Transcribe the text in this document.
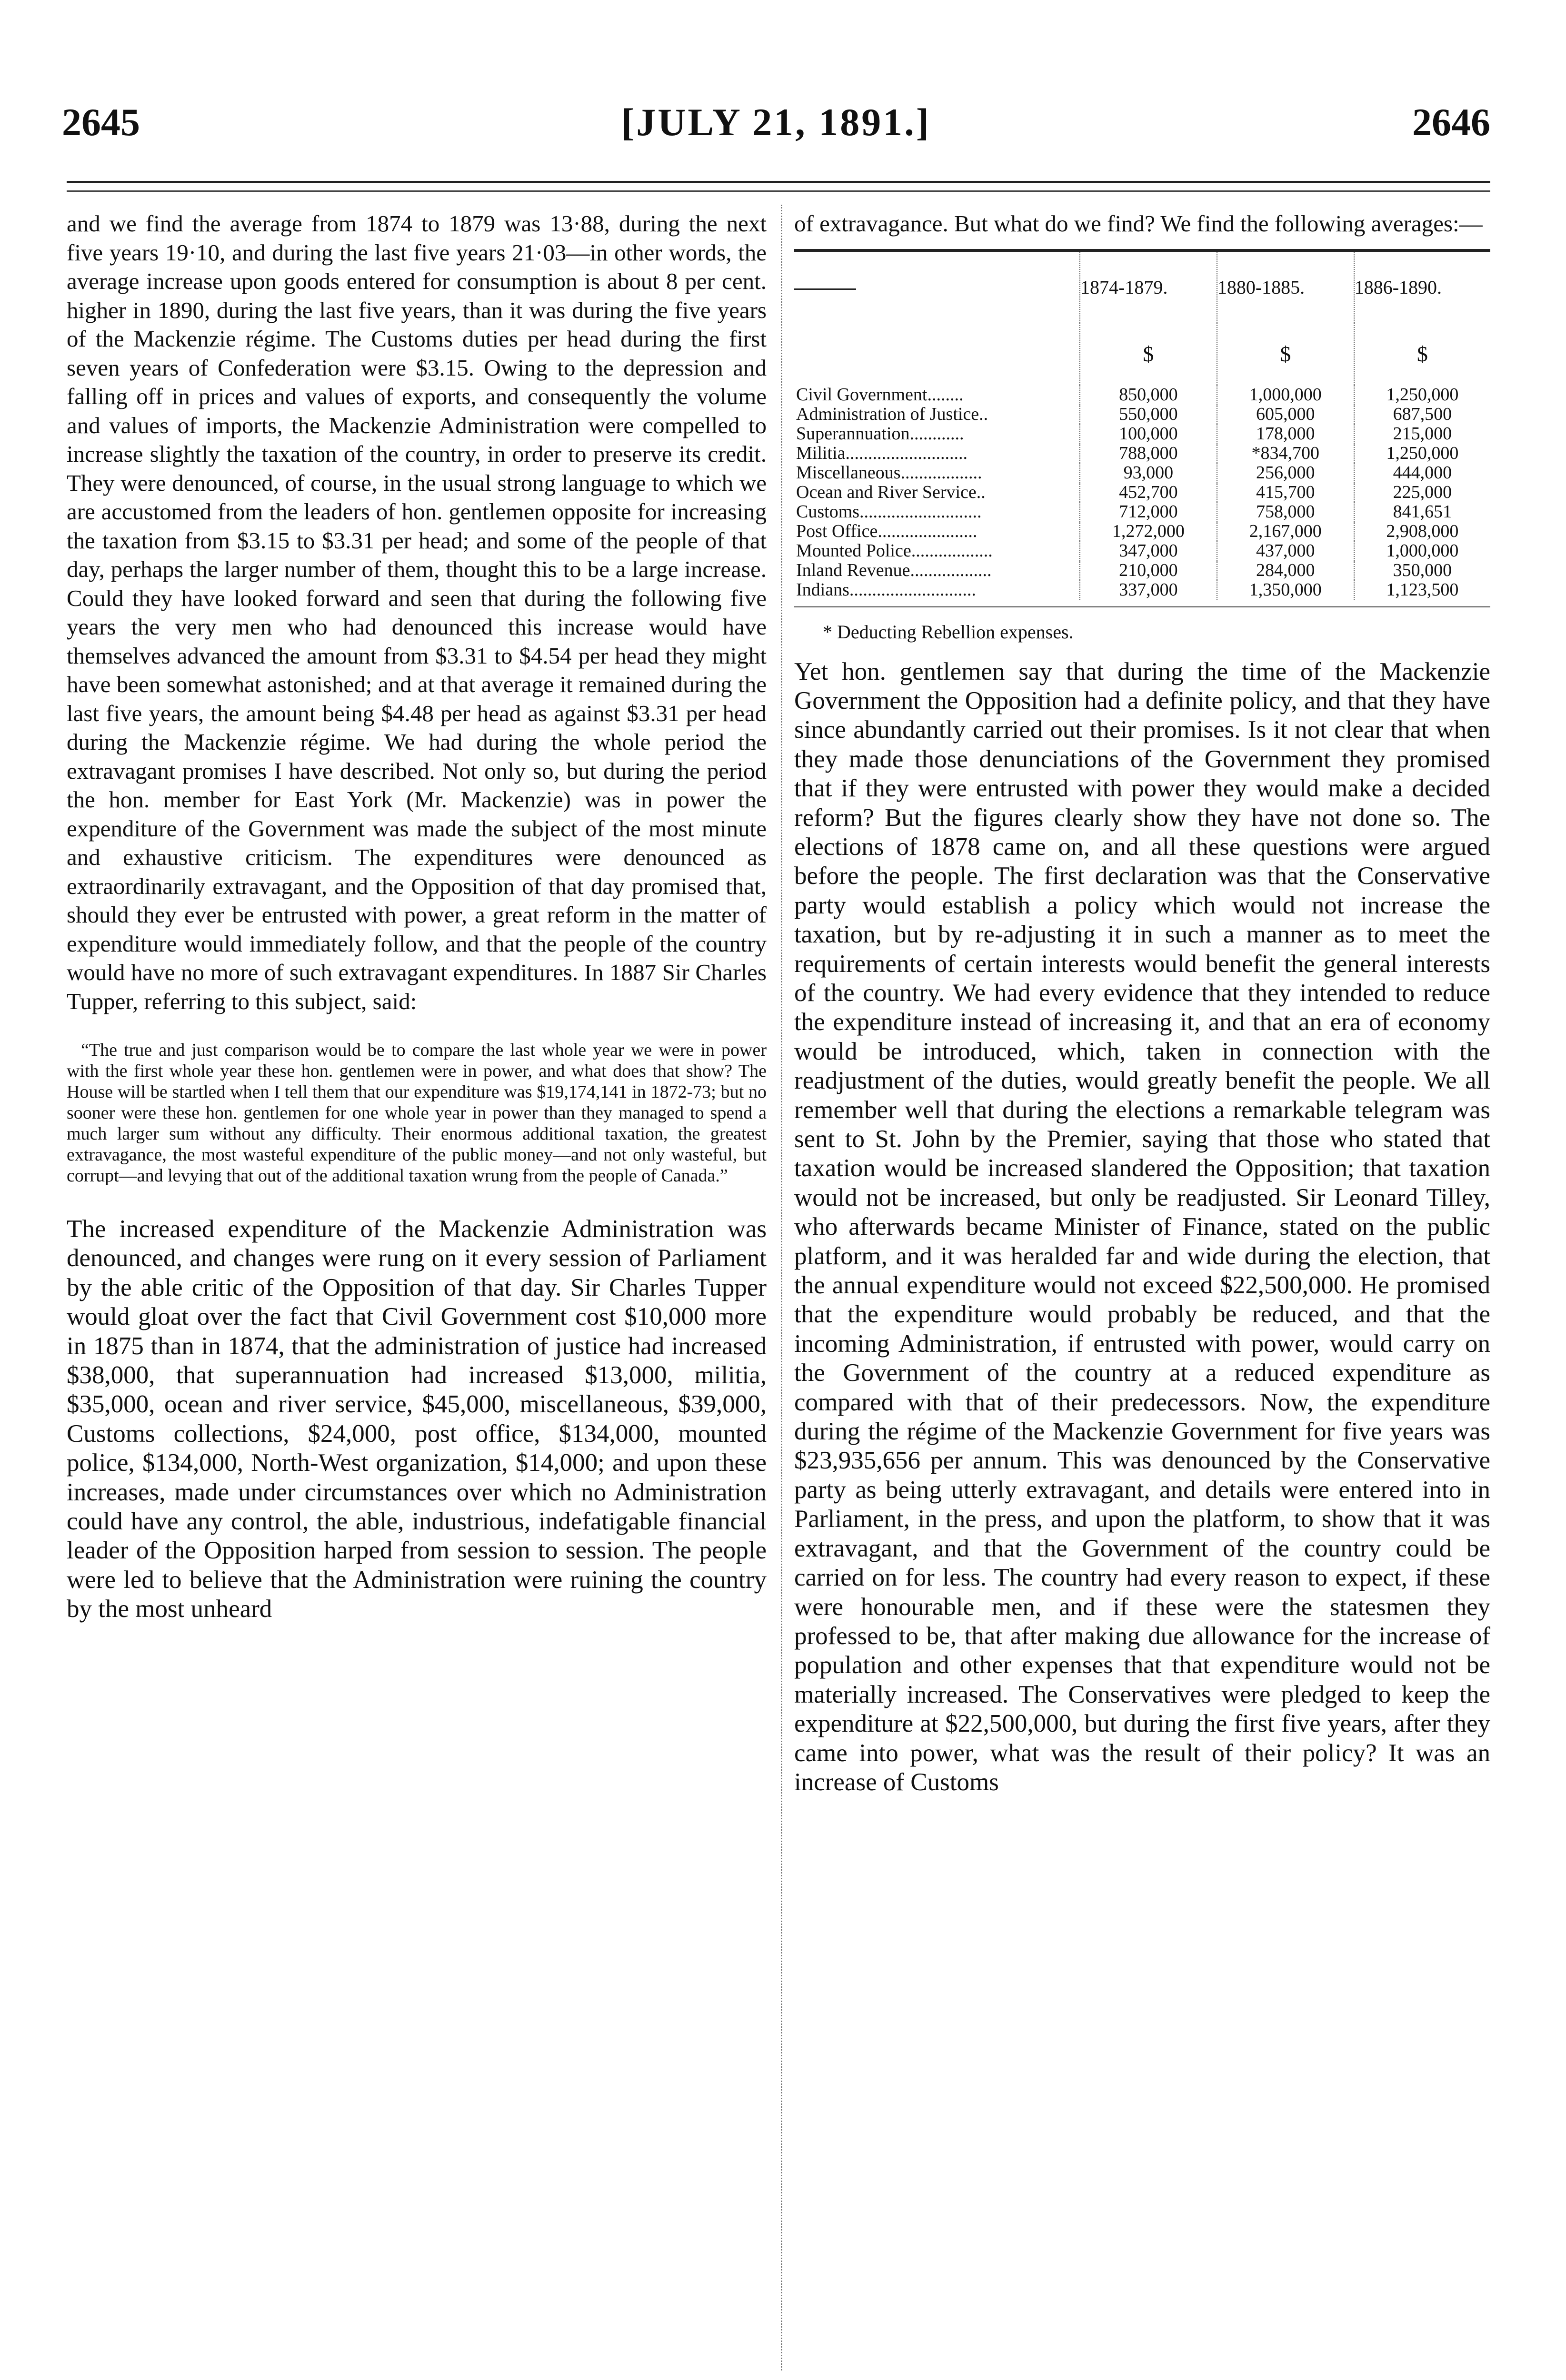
2645	[JULY 21, 1891.]	2646

and we find the average from 1874 to 1879 was 13·88, during the next five years 19·10, and during the last five years 21·03—in other words, the average increase upon goods entered for consumption is about 8 per cent. higher in 1890, during the last five years, than it was during the five years of the Mackenzie régime. The Customs duties per head during the first seven years of Confederation were $3.15. Owing to the depression and falling off in prices and values of exports, and consequently the volume and values of imports, the Mackenzie Administration were compelled to increase slightly the taxation of the country, in order to preserve its credit. They were denounced, of course, in the usual strong language to which we are accustomed from the leaders of hon. gentlemen opposite for increasing the taxation from $3.15 to $3.31 per head; and some of the people of that day, perhaps the larger number of them, thought this to be a large increase. Could they have looked forward and seen that during the following five years the very men who had denounced this increase would have themselves advanced the amount from $3.31 to $4.54 per head they might have been somewhat astonished; and at that average it remained during the last five years, the amount being $4.48 per head as against $3.31 per head during the Mackenzie régime. We had during the whole period the extravagant promises I have described. Not only so, but during the period the hon. member for East York (Mr. Mackenzie) was in power the expenditure of the Government was made the subject of the most minute and exhaustive criticism. The expenditures were denounced as extraordinarily extravagant, and the Opposition of that day promised that, should they ever be entrusted with power, a great reform in the matter of expenditure would immediately follow, and that the people of the country would have no more of such extravagant expenditures. In 1887 Sir Charles Tupper, referring to this subject, said:

“The true and just comparison would be to compare the last whole year we were in power with the first whole year these hon. gentlemen were in power, and what does that show? The House will be startled when I tell them that our expenditure was $19,174,141 in 1872-73; but no sooner were these hon. gentlemen for one whole year in power than they managed to spend a much larger sum without any difficulty. Their enormous additional taxation, the greatest extravagance, the most wasteful expenditure of the public money—and not only wasteful, but corrupt—and levying that out of the additional taxation wrung from the people of Canada.”

The increased expenditure of the Mackenzie Administration was denounced, and changes were rung on it every session of Parliament by the able critic of the Opposition of that day. Sir Charles Tupper would gloat over the fact that Civil Government cost $10,000 more in 1875 than in 1874, that the administration of justice had increased $38,000, that superannuation had increased $13,000, militia, $35,000, ocean and river service, $45,000, miscellaneous, $39,000, Customs collections, $24,000, post office, $134,000, mounted police, $134,000, North-West organization, $14,000; and upon these increases, made under circumstances over which no Administration could have any control, the able, industrious, indefatigable financial leader of the Opposition harped from session to session. The people were led to believe that the Administration were ruining the country by the most unheard

of extravagance. But what do we find? We find the following averages:—

	1874-1879.	1880-1885.	1886-1890.
	$	$	$
Civil Government........	850,000	1,000,000	1,250,000
Administration of Justice..	550,000	605,000	687,500
Superannuation............	100,000	178,000	215,000
Militia...........................	788,000	*834,700	1,250,000
Miscellaneous..................	93,000	256,000	444,000
Ocean and River Service..	452,700	415,700	225,000
Customs...........................	712,000	758,000	841,651
Post Office......................	1,272,000	2,167,000	2,908,000
Mounted Police..................	347,000	437,000	1,000,000
Inland Revenue..................	210,000	284,000	350,000
Indians............................	337,000	1,350,000	1,123,500

* Deducting Rebellion expenses.

Yet hon. gentlemen say that during the time of the Mackenzie Government the Opposition had a definite policy, and that they have since abundantly carried out their promises. Is it not clear that when they made those denunciations of the Government they promised that if they were entrusted with power they would make a decided reform? But the figures clearly show they have not done so. The elections of 1878 came on, and all these questions were argued before the people. The first declaration was that the Conservative party would establish a policy which would not increase the taxation, but by re-adjusting it in such a manner as to meet the requirements of certain interests would benefit the general interests of the country. We had every evidence that they intended to reduce the expenditure instead of increasing it, and that an era of economy would be introduced, which, taken in connection with the readjustment of the duties, would greatly benefit the people. We all remember well that during the elections a remarkable telegram was sent to St. John by the Premier, saying that those who stated that taxation would be increased slandered the Opposition; that taxation would not be increased, but only be readjusted. Sir Leonard Tilley, who afterwards became Minister of Finance, stated on the public platform, and it was heralded far and wide during the election, that the annual expenditure would not exceed $22,500,000. He promised that the expenditure would probably be reduced, and that the incoming Administration, if entrusted with power, would carry on the Government of the country at a reduced expenditure as compared with that of their predecessors. Now, the expenditure during the régime of the Mackenzie Government for five years was $23,935,656 per annum. This was denounced by the Conservative party as being utterly extravagant, and details were entered into in Parliament, in the press, and upon the platform, to show that it was extravagant, and that the Government of the country could be carried on for less. The country had every reason to expect, if these were honourable men, and if these were the statesmen they professed to be, that after making due allowance for the increase of population and other expenses that that expenditure would not be materially increased. The Conservatives were pledged to keep the expenditure at $22,500,000, but during the first five years, after they came into power, what was the result of their policy? It was an increase of Customs
